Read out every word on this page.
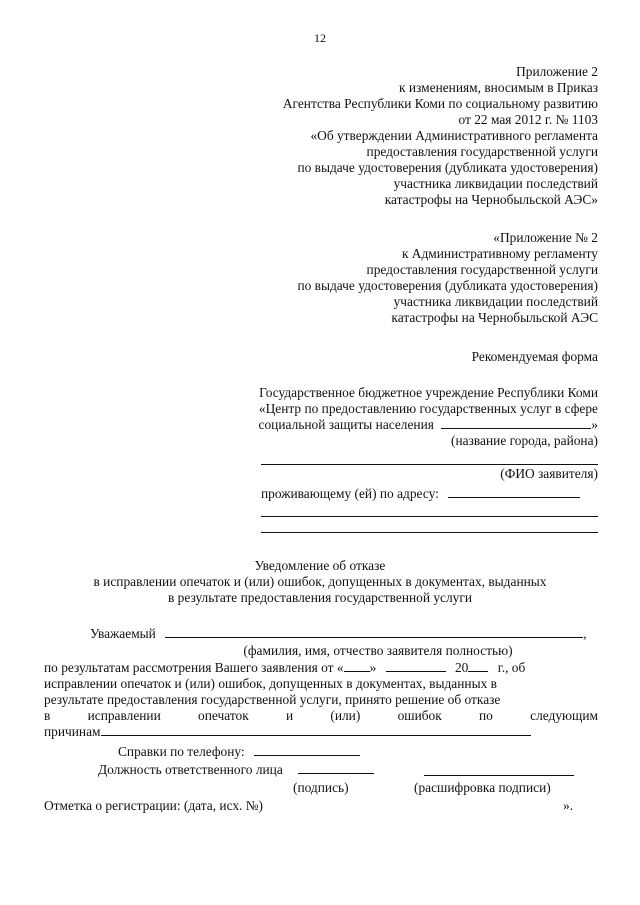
12
Приложение 2
к изменениям, вносимым в Приказ
Агентства Республики Коми по социальному развитию
от 22 мая 2012 г. № 1103
«Об утверждении Административного регламента
предоставления государственной услуги
по выдаче удостоверения (дубликата удостоверения)
участника ликвидации последствий
катастрофы на Чернобыльской АЭС»
«Приложение № 2
к Административному регламенту
предоставления государственной услуги
по выдаче удостоверения (дубликата удостоверения)
участника ликвидации последствий
катастрофы на Чернобыльской АЭС
Рекомендуемая форма
Государственное бюджетное учреждение Республики Коми
«Центр по предоставлению государственных услуг в сфере
социальной защиты населения	»
(название города, района)
(ФИО заявителя)
проживающему (ей) по адресу:
Уведомление об отказе
в исправлении опечаток и (или) ошибок, допущенных в документах, выданных
в результате предоставления государственной услуги
Уважаемый	,
(фамилия, имя, отчество заявителя полностью)
по результатам рассмотрения Вашего заявления от « »	20 г., об
исправлении опечаток и (или) ошибок, допущенных в документах, выданных в
результате предоставления государственной услуги, принято решение об отказе
в	исправлении	опечаток	и	(или)	ошибок	по	следующим
причинам
Справки по телефону:
Должность ответственного лица
(подпись)	(расшифровка подписи)
Отметка о регистрации: (дата, исх. №)	».
